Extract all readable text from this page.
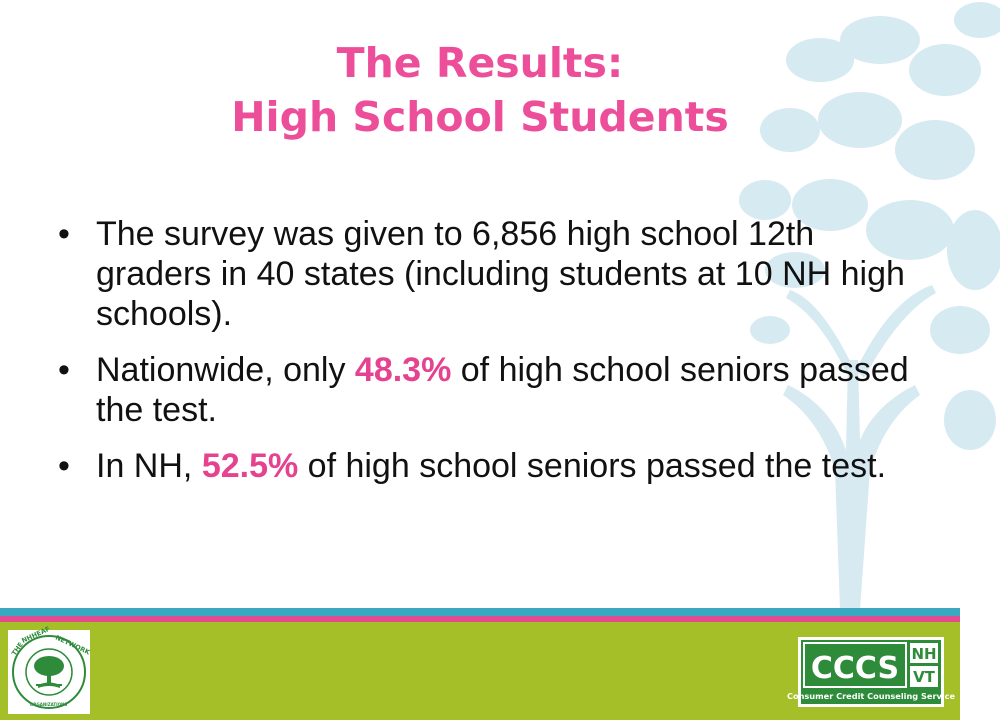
The Results:
High School Students
• The survey was given to 6,856 high school 12th graders in 40 states (including students at 10 NH high schools).
• Nationwide, only 48.3% of high school seniors passed the test.
• In NH, 52.5% of high school seniors passed the test.
THE
NHHEAF NETWORK
ORGANIZATIONS
CCCS NH
VT
Consumer Credit Counseling Service
